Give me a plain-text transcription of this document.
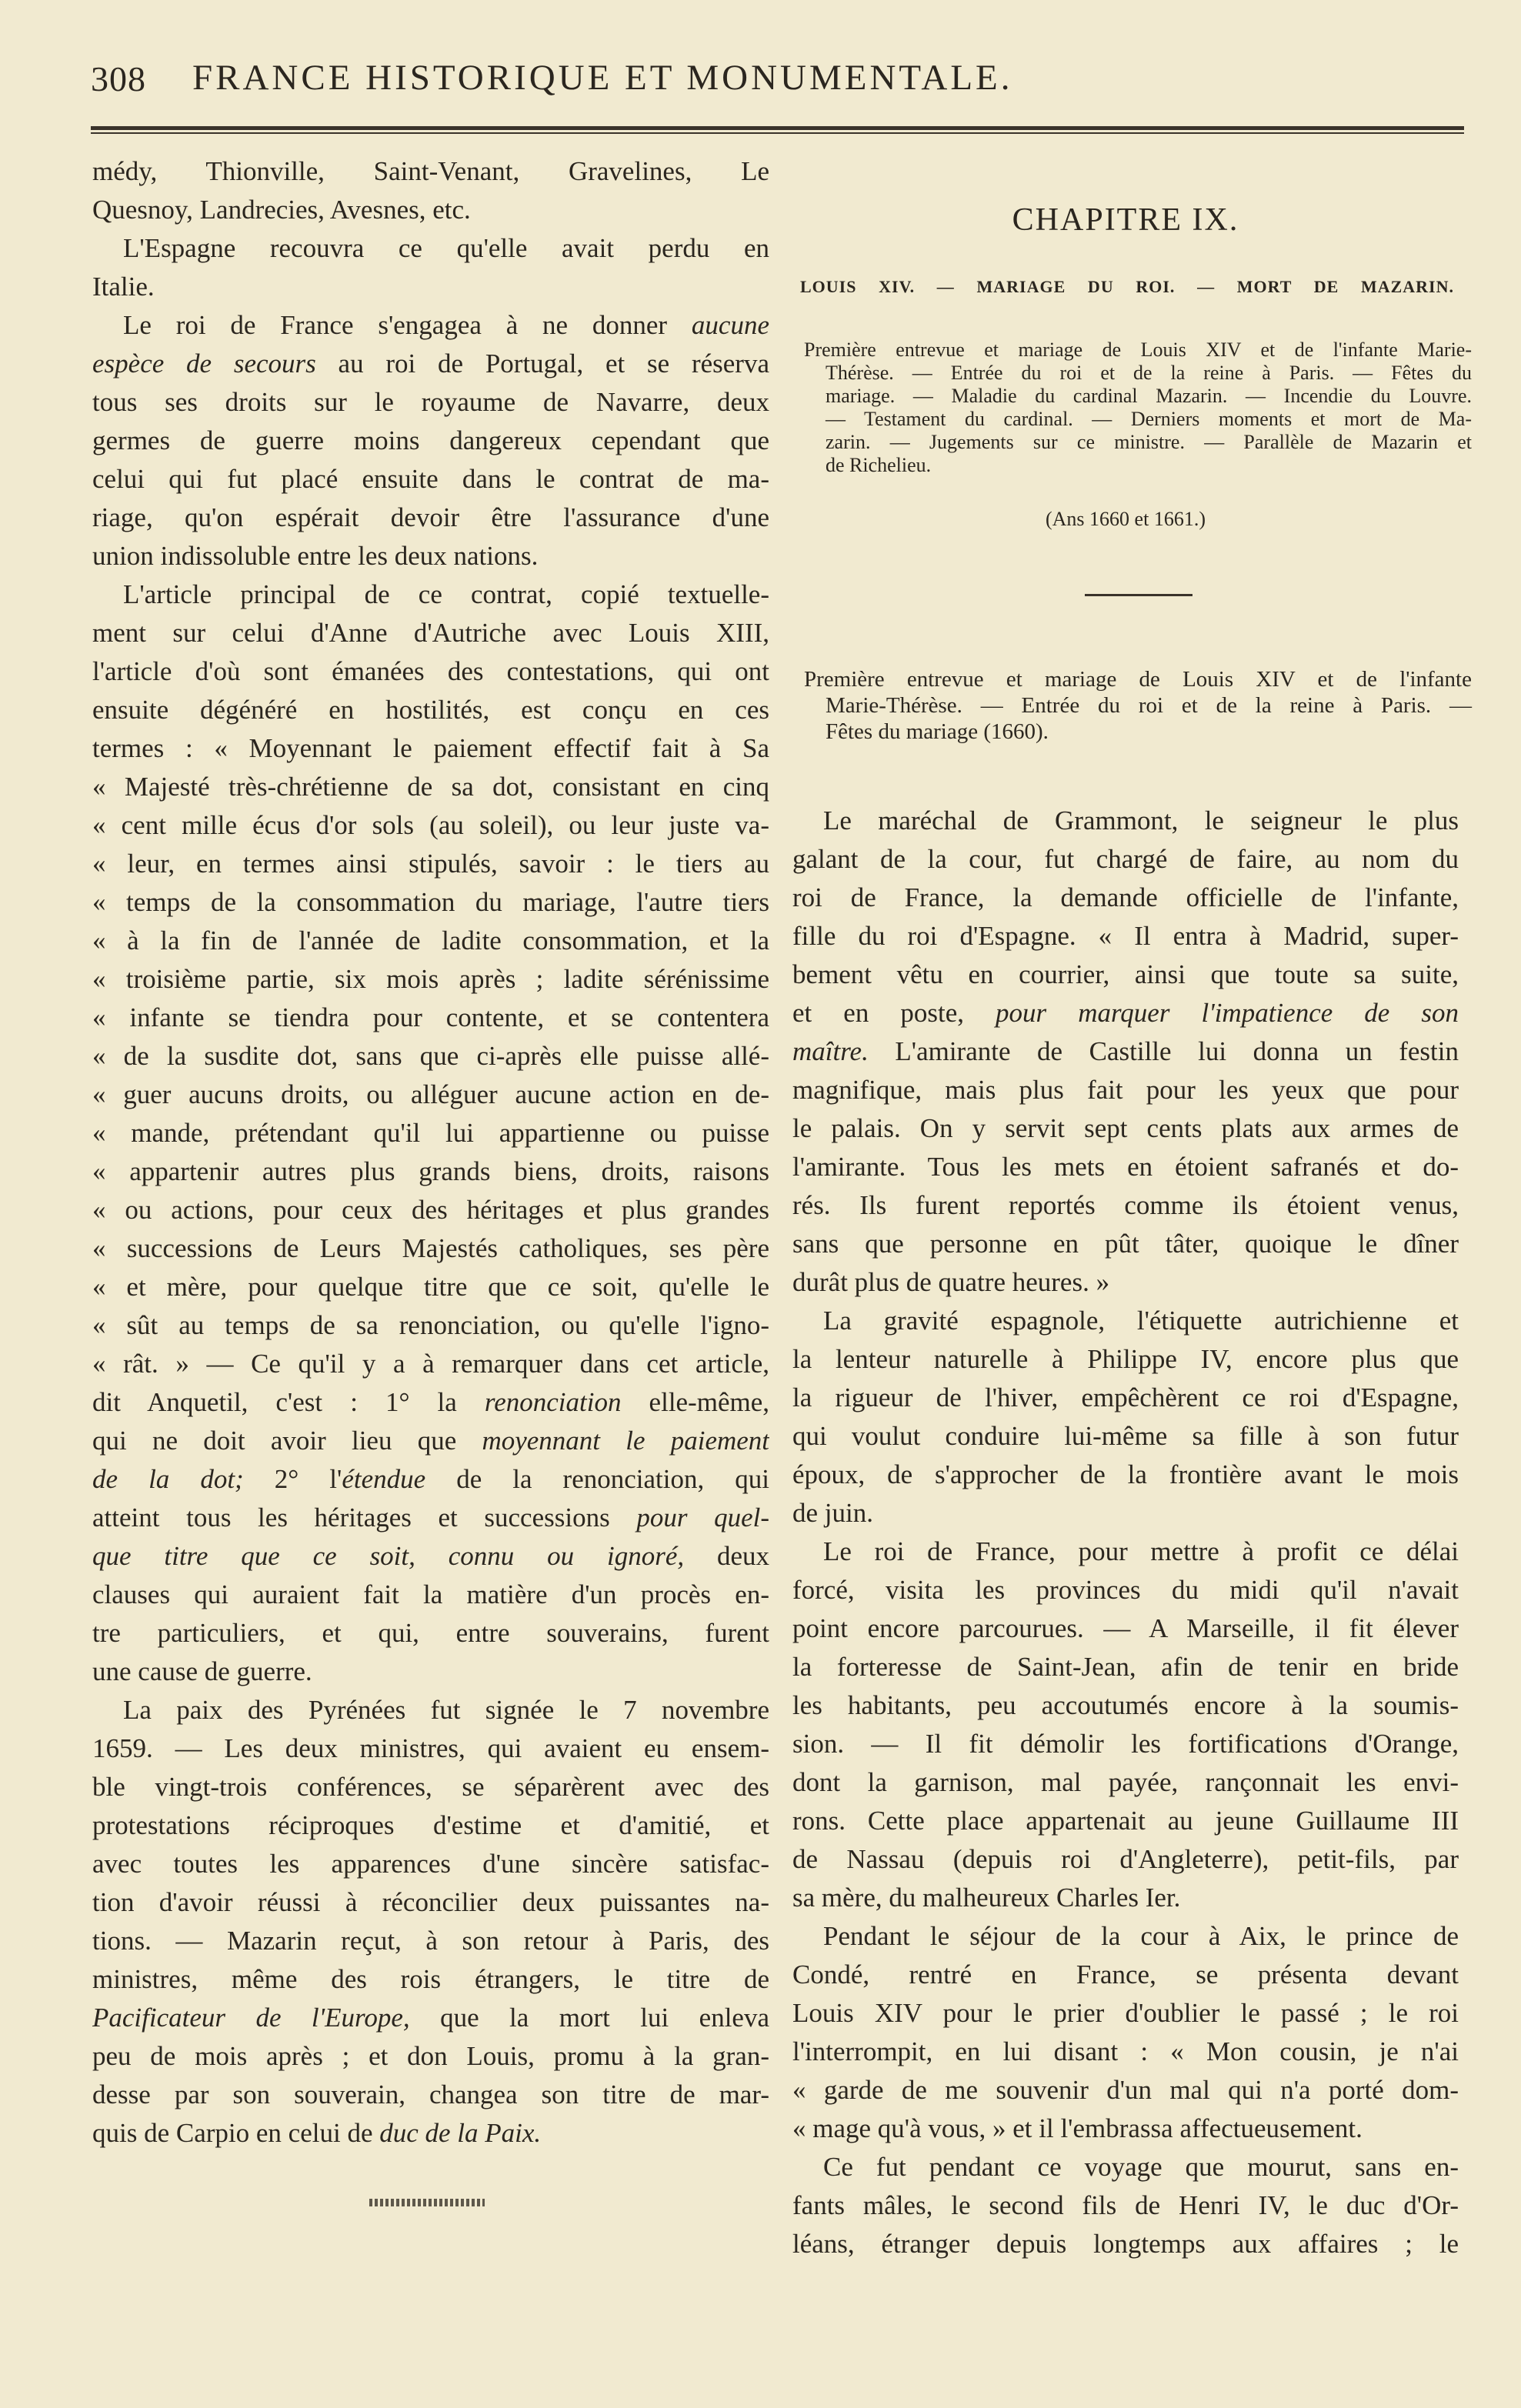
308 FRANCE HISTORIQUE ET MONUMENTALE.
médy, Thionville, Saint-Venant, Gravelines, Le
Quesnoy, Landrecies, Avesnes, etc.
L'Espagne recouvra ce qu'elle avait perdu en
Italie.
Le roi de France s'engagea à ne donner aucune
espèce de secours au roi de Portugal, et se réserva
tous ses droits sur le royaume de Navarre, deux
germes de guerre moins dangereux cependant que
celui qui fut placé ensuite dans le contrat de ma-
riage, qu'on espérait devoir être l'assurance d'une
union indissoluble entre les deux nations.
L'article principal de ce contrat, copié textuelle-
ment sur celui d'Anne d'Autriche avec Louis XIII,
l'article d'où sont émanées des contestations, qui ont
ensuite dégénéré en hostilités, est conçu en ces
termes : « Moyennant le paiement effectif fait à Sa
« Majesté très-chrétienne de sa dot, consistant en cinq
« cent mille écus d'or sols (au soleil), ou leur juste va-
« leur, en termes ainsi stipulés, savoir : le tiers au
« temps de la consommation du mariage, l'autre tiers
« à la fin de l'année de ladite consommation, et la
« troisième partie, six mois après ; ladite sérénissime
« infante se tiendra pour contente, et se contentera
« de la susdite dot, sans que ci-après elle puisse allé-
« guer aucuns droits, ou alléguer aucune action en de-
« mande, prétendant qu'il lui appartienne ou puisse
« appartenir autres plus grands biens, droits, raisons
« ou actions, pour ceux des héritages et plus grandes
« successions de Leurs Majestés catholiques, ses père
« et mère, pour quelque titre que ce soit, qu'elle le
« sût au temps de sa renonciation, ou qu'elle l'igno-
« rât. » — Ce qu'il y a à remarquer dans cet article,
dit Anquetil, c'est : 1° la renonciation elle-même,
qui ne doit avoir lieu que moyennant le paiement
de la dot; 2° l'étendue de la renonciation, qui
atteint tous les héritages et successions pour quel-
que titre que ce soit, connu ou ignoré, deux
clauses qui auraient fait la matière d'un procès en-
tre particuliers, et qui, entre souverains, furent
une cause de guerre.
La paix des Pyrénées fut signée le 7 novembre
1659. — Les deux ministres, qui avaient eu ensem-
ble vingt-trois conférences, se séparèrent avec des
protestations réciproques d'estime et d'amitié, et
avec toutes les apparences d'une sincère satisfac-
tion d'avoir réussi à réconcilier deux puissantes na-
tions. — Mazarin reçut, à son retour à Paris, des
ministres, même des rois étrangers, le titre de
Pacificateur de l'Europe, que la mort lui enleva
peu de mois après ; et don Louis, promu à la gran-
desse par son souverain, changea son titre de mar-
quis de Carpio en celui de duc de la Paix.
CHAPITRE IX.
LOUIS XIV. — MARIAGE DU ROI. — MORT DE MAZARIN.
Première entrevue et mariage de Louis XIV et de l'infante Marie-
Thérèse. — Entrée du roi et de la reine à Paris. — Fêtes du
mariage. — Maladie du cardinal Mazarin. — Incendie du Louvre.
— Testament du cardinal. — Derniers moments et mort de Ma-
zarin. — Jugements sur ce ministre. — Parallèle de Mazarin et
de Richelieu.
(Ans 1660 et 1661.)
Première entrevue et mariage de Louis XIV et de l'infante
Marie-Thérèse. — Entrée du roi et de la reine à Paris. —
Fêtes du mariage (1660).
Le maréchal de Grammont, le seigneur le plus
galant de la cour, fut chargé de faire, au nom du
roi de France, la demande officielle de l'infante,
fille du roi d'Espagne. « Il entra à Madrid, super-
bement vêtu en courrier, ainsi que toute sa suite,
et en poste, pour marquer l'impatience de son
maître. L'amirante de Castille lui donna un festin
magnifique, mais plus fait pour les yeux que pour
le palais. On y servit sept cents plats aux armes de
l'amirante. Tous les mets en étoient safranés et do-
rés. Ils furent reportés comme ils étoient venus,
sans que personne en pût tâter, quoique le dîner
durât plus de quatre heures. »
La gravité espagnole, l'étiquette autrichienne et
la lenteur naturelle à Philippe IV, encore plus que
la rigueur de l'hiver, empêchèrent ce roi d'Espagne,
qui voulut conduire lui-même sa fille à son futur
époux, de s'approcher de la frontière avant le mois
de juin.
Le roi de France, pour mettre à profit ce délai
forcé, visita les provinces du midi qu'il n'avait
point encore parcourues. — A Marseille, il fit élever
la forteresse de Saint-Jean, afin de tenir en bride
les habitants, peu accoutumés encore à la soumis-
sion. — Il fit démolir les fortifications d'Orange,
dont la garnison, mal payée, rançonnait les envi-
rons. Cette place appartenait au jeune Guillaume III
de Nassau (depuis roi d'Angleterre), petit-fils, par
sa mère, du malheureux Charles Ier.
Pendant le séjour de la cour à Aix, le prince de
Condé, rentré en France, se présenta devant
Louis XIV pour le prier d'oublier le passé ; le roi
l'interrompit, en lui disant : « Mon cousin, je n'ai
« garde de me souvenir d'un mal qui n'a porté dom-
« mage qu'à vous, » et il l'embrassa affectueusement.
Ce fut pendant ce voyage que mourut, sans en-
fants mâles, le second fils de Henri IV, le duc d'Or-
léans, étranger depuis longtemps aux affaires ; le
